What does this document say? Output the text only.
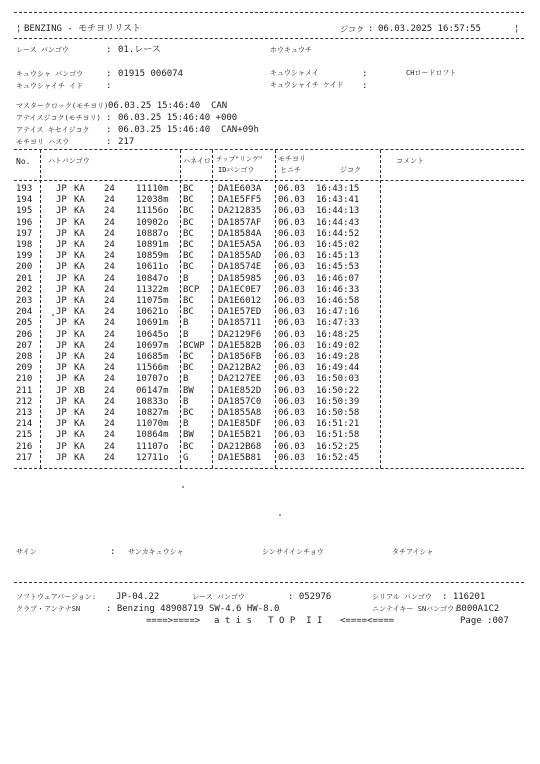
¦ BENZING - モチヨリリスト	ジコク : 06.03.2025 16:57:55	¦
レース バンゴウ	: 01.レース	ホウキュウチ
キュウシャ バンゴウ	: 01915 006074	キュウシャメイ	:	CHロードロフト
キュウシャイチ イド	:	キュウシャイチ ケイド :
マスタークロック(モチヨリ) 06.03.25 15:46:40  CAN
アテイスジコク(モチヨリ) : 06.03.25 15:46:40 +000
アテイス キセイジコク : 06.03.25 15:46:40  CAN+09h
モチヨリ ハスウ	: 217
No.	ハトバンゴウ	ハネイロ チップ"リング"
IDバンゴウ
モチヨリ
ヒニチ	ジコク
コメント
193	JP KA 24 11110m BC	DA1E603A 06.03 16:43:15
194	JP KA 24 12038m BC	DA1E5FF5 06.03 16:43:41
195	JP KA 24 11156o BC	DA212835 06.03 16:44:13
196	JP KA 24 10902o BC	DA1857AF 06.03 16:44:43
197	JP KA 24 10887o BC	DA18584A 06.03 16:44:52
198	JP KA 24 10891m BC	DA1E5A5A 06.03 16:45:02
199	JP KA 24 10859m BC	DA1855AD 06.03 16:45:13
200	JP KA 24 10611o BC	DA18574E 06.03 16:45:53
201	JP KA 24 10847o B	DA185985 06.03 16:46:07
202	JP KA 24 11322m BCP DA1EC0E7 06.03 16:46:33
203	JP KA 24 11075m BC	DA1E6012 06.03 16:46:58
204	JP KA 24 10621o BC	DA1E57ED 06.03 16:47:16
205	JP KA 24 10691m B	DA185711 06.03 16:47:33
206	JP KA 24 10645o B	DA2129F6 06.03 16:48:25
207	JP KA 24 10697m BCWP DA1E582B 06.03 16:49:02
208	JP KA 24 10685m BC	DA1856FB 06.03 16:49:28
209	JP KA 24 11566m BC	DA212BA2 06.03 16:49:44
210	JP KA 24 10707o B	DA2127EE 06.03 16:50:03
211	JP XB 24 06147m BW	DA1E852D 06.03 16:50:22
212	JP KA 24 10833o B	DA1857C0 06.03 16:50:39
213	JP KA 24 10827m BC	DA1855A8 06.03 16:50:58
214	JP KA 24 11070m B	DA1E85DF 06.03 16:51:21
215	JP KA 24 10864m BW	DA1E5B21 06.03 16:51:58
216	JP KA 24 11107o BC	DA212B68 06.03 16:52:25
217	JP KA 24 12711o G	DA1E5B81 06.03 16:52:45
サイン	: サンカキュウシャ	シンサイインチョウ	タチアイシャ
ソフトウェアバージョン: JP-04.22	レース バンゴウ	: 052976	シリアル バンゴウ : 116201
クラブ・アンテナSN	: Benzing 48908719 SW-4.6 HW-8.0	ニンテイキー SNバンゴウ:
8000A1C2
====>====> a t i s   T O P  I I <====<====	Page :007
